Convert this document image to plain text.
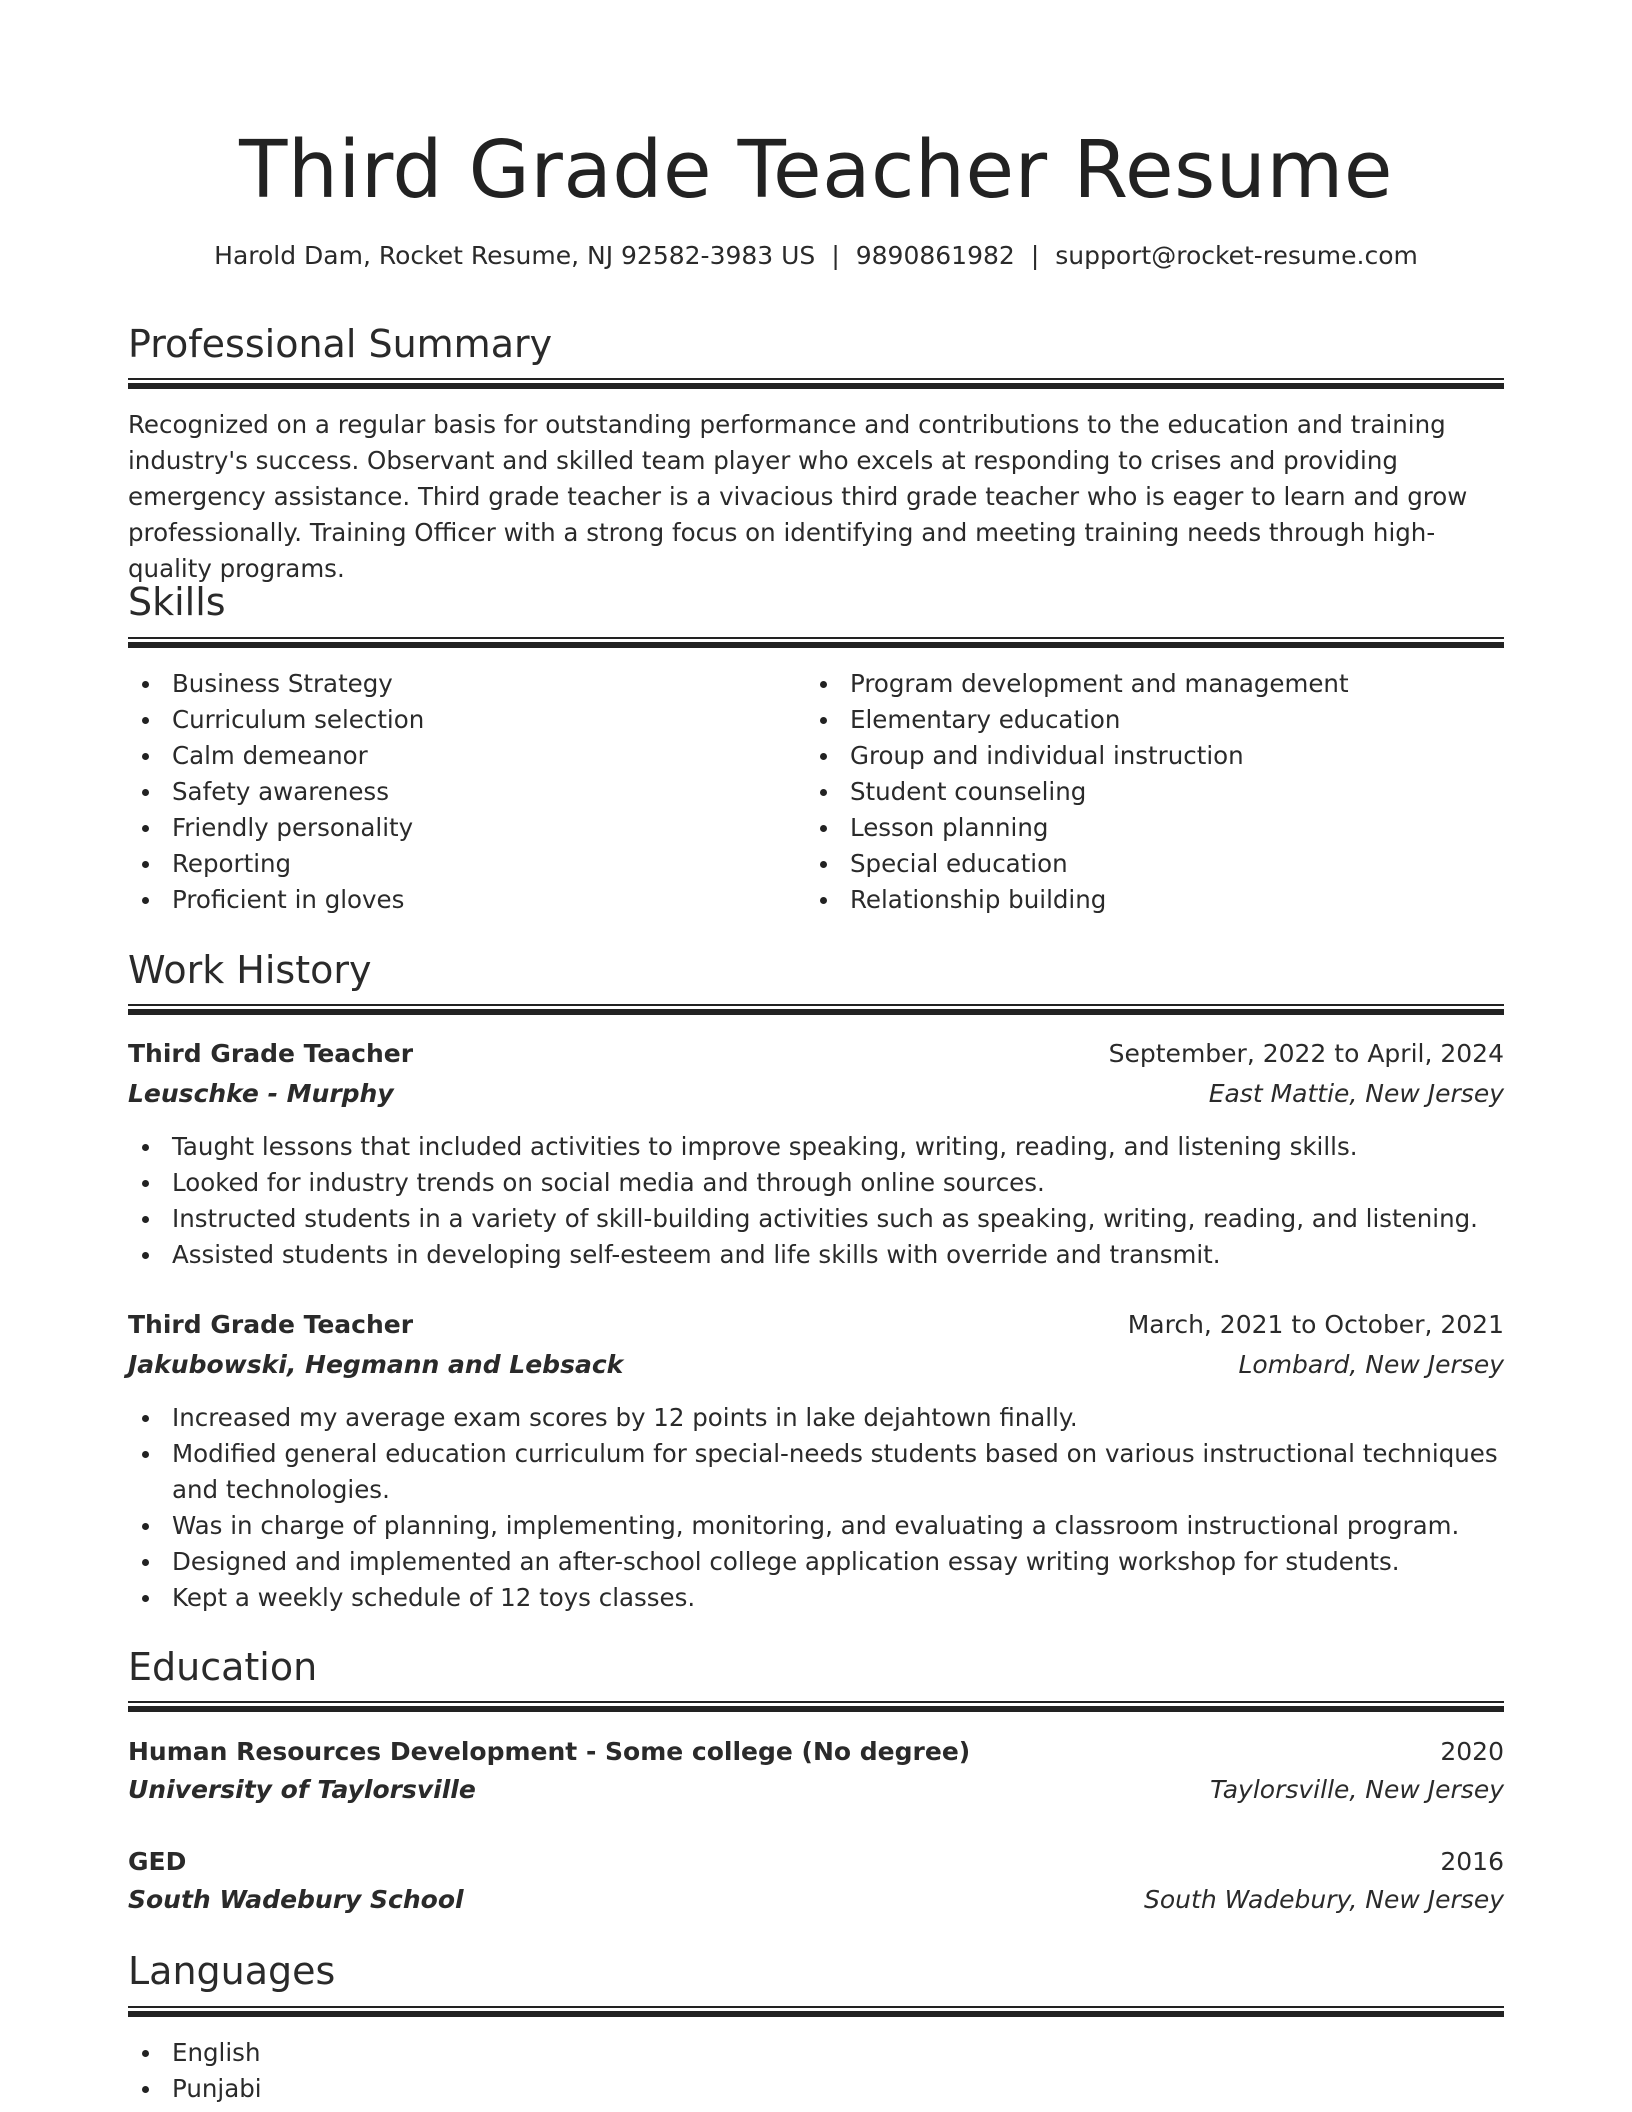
Third Grade Teacher Resume
Harold Dam, Rocket Resume, NJ 92582-3983 US | 9890861982 | support@rocket-resume.com
Professional Summary

Recognized on a regular basis for outstanding performance and contributions to the education and training industry's success. Observant and skilled team player who excels at responding to crises and providing emergency assistance. Third grade teacher is a vivacious third grade teacher who is eager to learn and grow professionally. Training Officer with a strong focus on identifying and meeting training needs through high-quality programs.

Skills
Business Strategy
Curriculum selection
Calm demeanor
Safety awareness
Friendly personality
Reporting
Proficient in gloves
Program development and management
Elementary education
Group and individual instruction
Student counseling
Lesson planning
Special education
Relationship building
Work History
Third Grade Teacher	September, 2022 to April, 2024
Leuschke - Murphy	East Mattie, New Jersey
Taught lessons that included activities to improve speaking, writing, reading, and listening skills.
Looked for industry trends on social media and through online sources.
Instructed students in a variety of skill-building activities such as speaking, writing, reading, and listening.
Assisted students in developing self-esteem and life skills with override and transmit.
Third Grade Teacher	March, 2021 to October, 2021
Jakubowski, Hegmann and Lebsack	Lombard, New Jersey
Increased my average exam scores by 12 points in lake dejahtown finally.
Modified general education curriculum for special-needs students based on various instructional techniques and technologies.
Was in charge of planning, implementing, monitoring, and evaluating a classroom instructional program.
Designed and implemented an after-school college application essay writing workshop for students.
Kept a weekly schedule of 12 toys classes.
Education
Human Resources Development - Some college (No degree)	2020
University of Taylorsville	Taylorsville, New Jersey
GED	2016
South Wadebury School	South Wadebury, New Jersey
Languages
English
Punjabi
